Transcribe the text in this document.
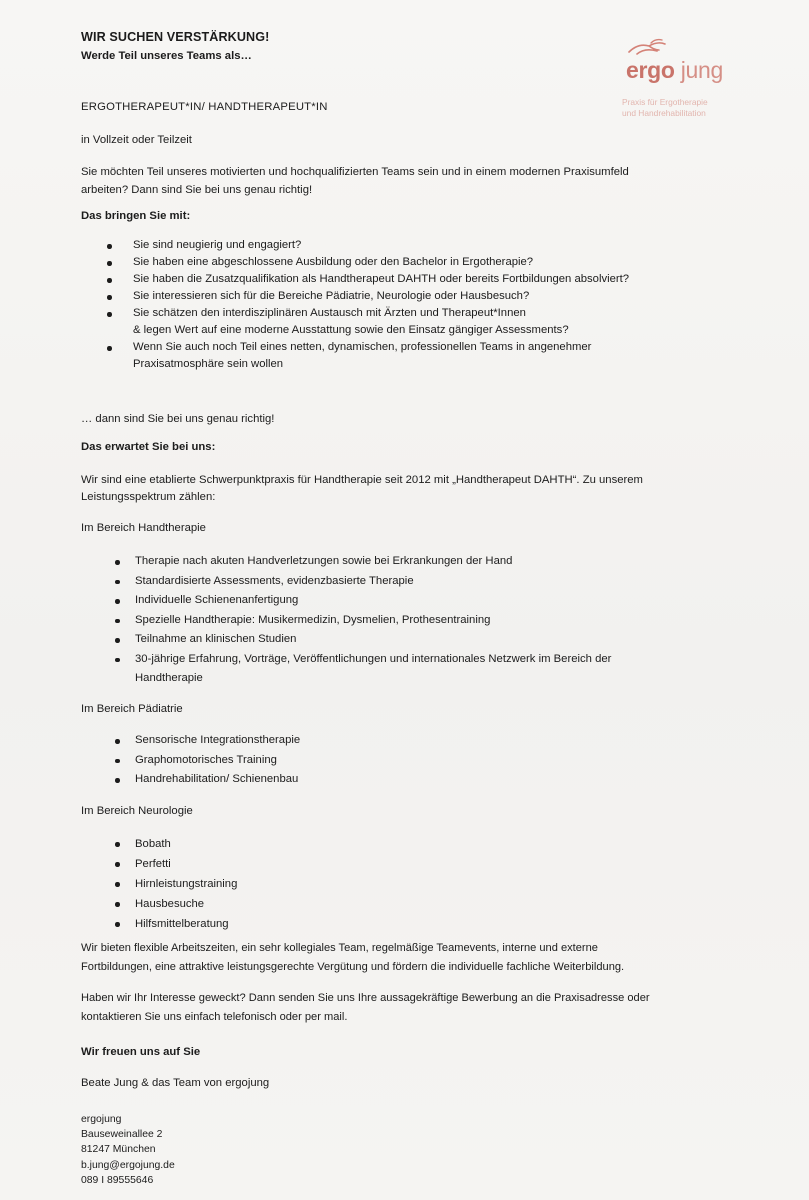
WIR SUCHEN VERSTÄRKUNG!
Werde Teil unseres Teams als…
ergo jung
Praxis für Ergotherapie
und Handrehabilitation
ERGOTHERAPEUT*IN/ HANDTHERAPEUT*IN
in Vollzeit oder Teilzeit
Sie möchten Teil unseres motivierten und hochqualifizierten Teams sein und in einem modernen Praxisumfeld
arbeiten? Dann sind Sie bei uns genau richtig!
Das bringen Sie mit:
Sie sind neugierig und engagiert?
Sie haben eine abgeschlossene Ausbildung oder den Bachelor in Ergotherapie?
Sie haben die Zusatzqualifikation als Handtherapeut DAHTH oder bereits Fortbildungen absolviert?
Sie interessieren sich für die Bereiche Pädiatrie, Neurologie oder Hausbesuch?
Sie schätzen den interdisziplinären Austausch mit Ärzten und Therapeut*Innen
& legen Wert auf eine moderne Ausstattung sowie den Einsatz gängiger Assessments?
Wenn Sie auch noch Teil eines netten, dynamischen, professionellen Teams in angenehmer
Praxisatmosphäre sein wollen
… dann sind Sie bei uns genau richtig!
Das erwartet Sie bei uns:
Wir sind eine etablierte Schwerpunktpraxis für Handtherapie seit 2012 mit „Handtherapeut DAHTH“. Zu unserem
Leistungsspektrum zählen:
Im Bereich Handtherapie
Therapie nach akuten Handverletzungen sowie bei Erkrankungen der Hand
Standardisierte Assessments, evidenzbasierte Therapie
Individuelle Schienenanfertigung
Spezielle Handtherapie: Musikermedizin, Dysmelien, Prothesentraining
Teilnahme an klinischen Studien
30-jährige Erfahrung, Vorträge, Veröffentlichungen und internationales Netzwerk im Bereich der
Handtherapie
Im Bereich Pädiatrie
Sensorische Integrationstherapie
Graphomotorisches Training
Handrehabilitation/ Schienenbau
Im Bereich Neurologie
Bobath
Perfetti
Hirnleistungstraining
Hausbesuche
Hilfsmittelberatung
Wir bieten flexible Arbeitszeiten, ein sehr kollegiales Team, regelmäßige Teamevents, interne und externe
Fortbildungen, eine attraktive leistungsgerechte Vergütung und fördern die individuelle fachliche Weiterbildung.
Haben wir Ihr Interesse geweckt? Dann senden Sie uns Ihre aussagekräftige Bewerbung an die Praxisadresse oder
kontaktieren Sie uns einfach telefonisch oder per mail.
Wir freuen uns auf Sie
Beate Jung & das Team von ergojung
ergojung
Bauseweinallee 2
81247 München
b.jung@ergojung.de
089 I 89555646
